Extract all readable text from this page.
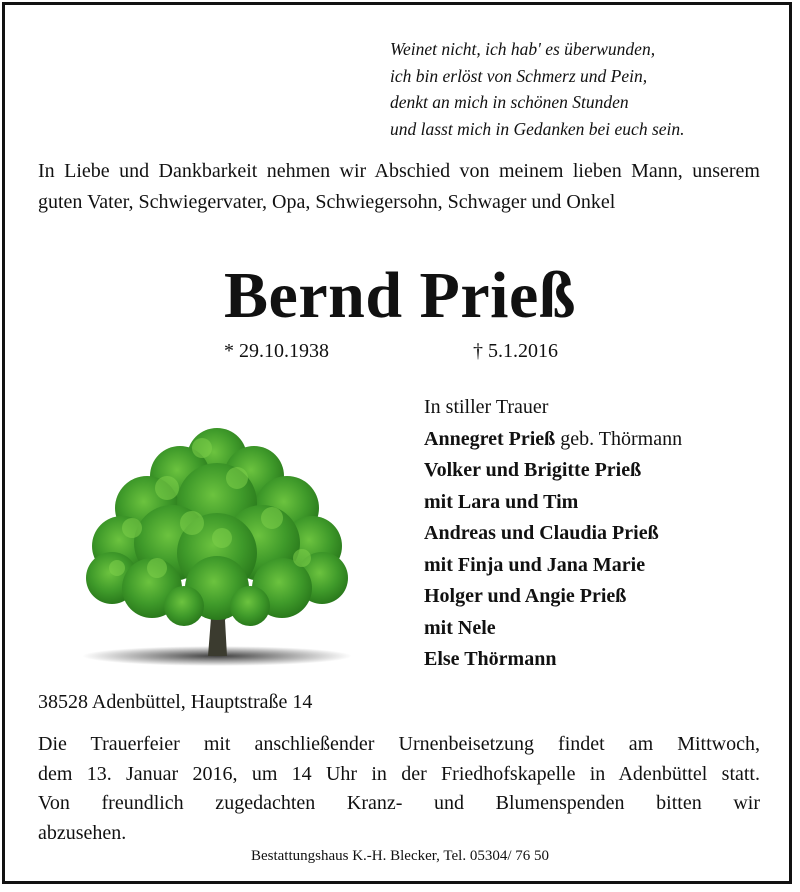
Weinet nicht, ich hab' es überwunden,
ich bin erlöst von Schmerz und Pein,
denkt an mich in schönen Stunden
und lasst mich in Gedanken bei euch sein.
In Liebe und Dankbarkeit nehmen wir Abschied von meinem lieben Mann, unserem guten Vater, Schwiegervater, Opa, Schwiegersohn, Schwager und Onkel
Bernd Prieß
* 29.10.1938	† 5.1.2016
In stiller Trauer
Annegret Prieß geb. Thörmann
Volker und Brigitte Prieß
mit Lara und Tim
Andreas und Claudia Prieß
mit Finja und Jana Marie
Holger und Angie Prieß
mit Nele
Else Thörmann
38528 Adenbüttel, Hauptstraße 14
Die Trauerfeier mit anschließender Urnenbeisetzung findet am Mittwoch,
dem 13. Januar 2016, um 14 Uhr in der Friedhofskapelle in Adenbüttel statt.
Von freundlich zugedachten Kranz- und Blumenspenden bitten wir
abzusehen.
Bestattungshaus K.-H. Blecker, Tel. 05304/ 76 50
